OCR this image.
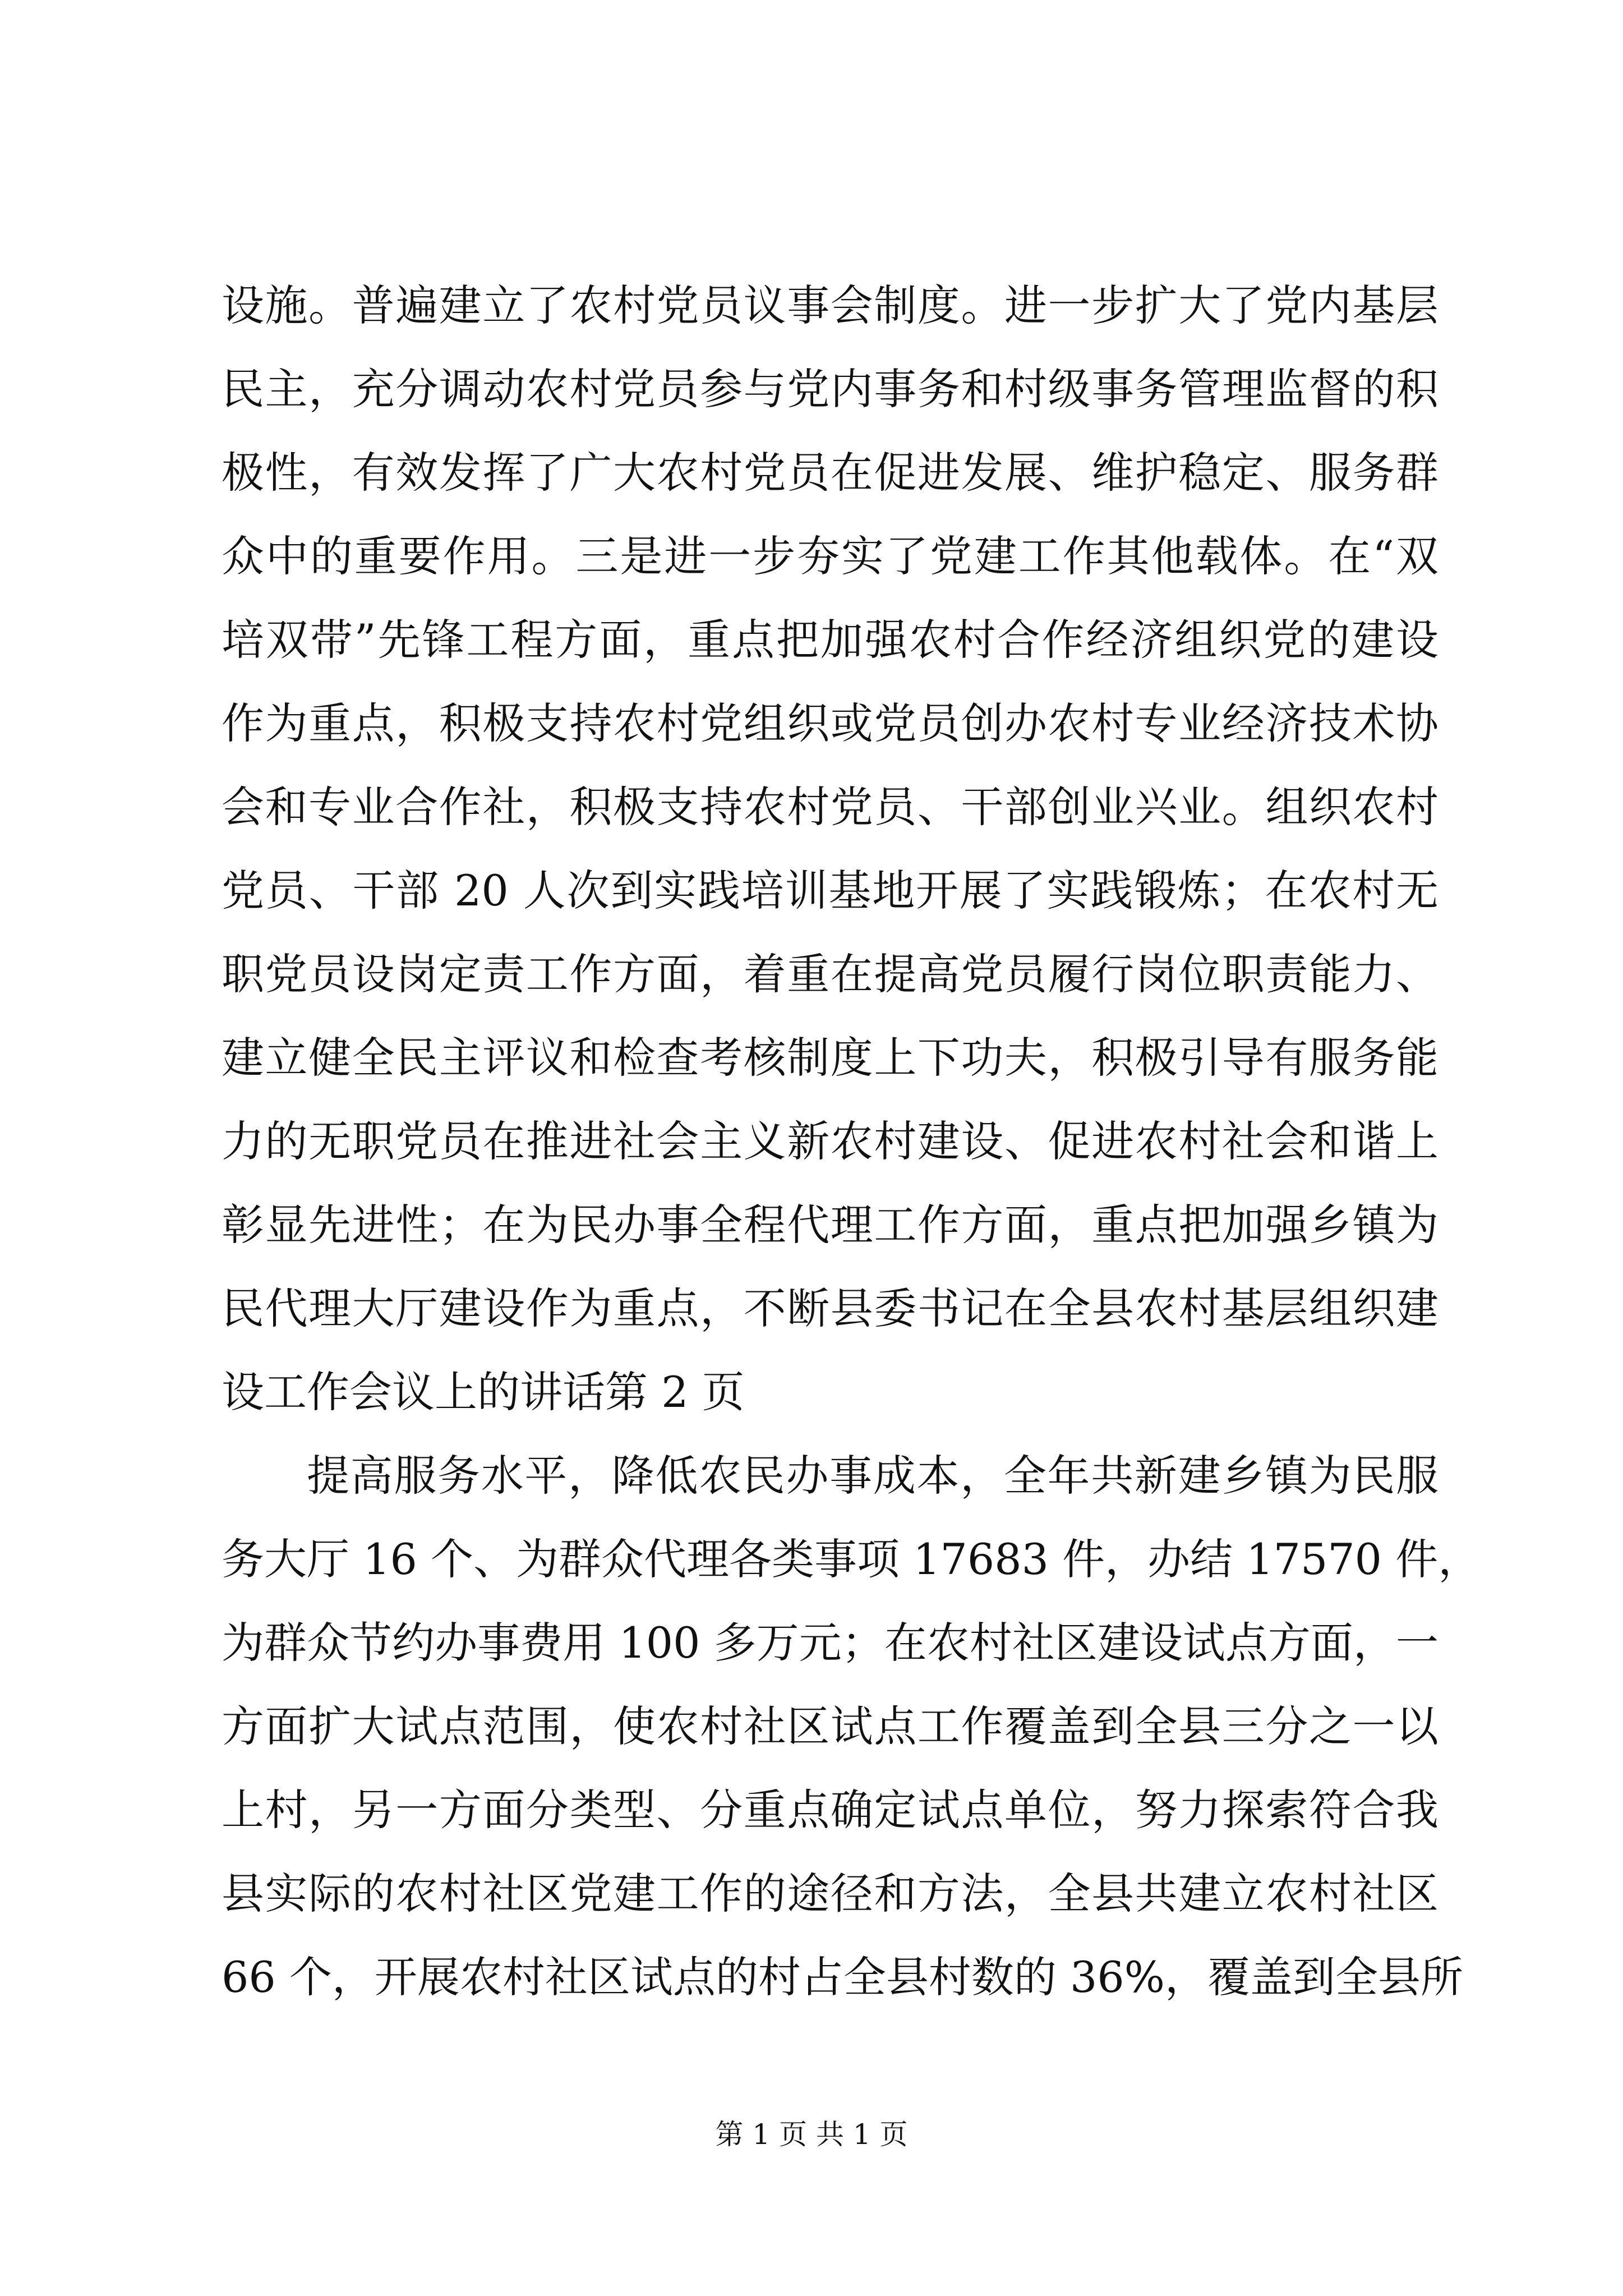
设施。普遍建立了农村党员议事会制度。进一步扩大了党内基层
民主，充分调动农村党员参与党内事务和村级事务管理监督的积
极性，有效发挥了广大农村党员在促进发展、维护稳定、服务群
众中的重要作用。三是进一步夯实了党建工作其他载体。在“双
培双带”先锋工程方面，重点把加强农村合作经济组织党的建设
作为重点，积极支持农村党组织或党员创办农村专业经济技术协
会和专业合作社，积极支持农村党员、干部创业兴业。组织农村
党员、干部 20 人次到实践培训基地开展了实践锻炼；在农村无
职党员设岗定责工作方面，着重在提高党员履行岗位职责能力、
建立健全民主评议和检查考核制度上下功夫，积极引导有服务能
力的无职党员在推进社会主义新农村建设、促进农村社会和谐上
彰显先进性；在为民办事全程代理工作方面，重点把加强乡镇为
民代理大厅建设作为重点，不断县委书记在全县农村基层组织建
设工作会议上的讲话第 2 页
提高服务水平，降低农民办事成本，全年共新建乡镇为民服
务大厅 16 个、为群众代理各类事项 17683 件，办结 17570 件，
为群众节约办事费用 100 多万元；在农村社区建设试点方面，一
方面扩大试点范围，使农村社区试点工作覆盖到全县三分之一以
上村，另一方面分类型、分重点确定试点单位，努力探索符合我
县实际的农村社区党建工作的途径和方法，全县共建立农村社区
66 个，开展农村社区试点的村占全县村数的 36%，覆盖到全县所
第 1 页 共 1 页
